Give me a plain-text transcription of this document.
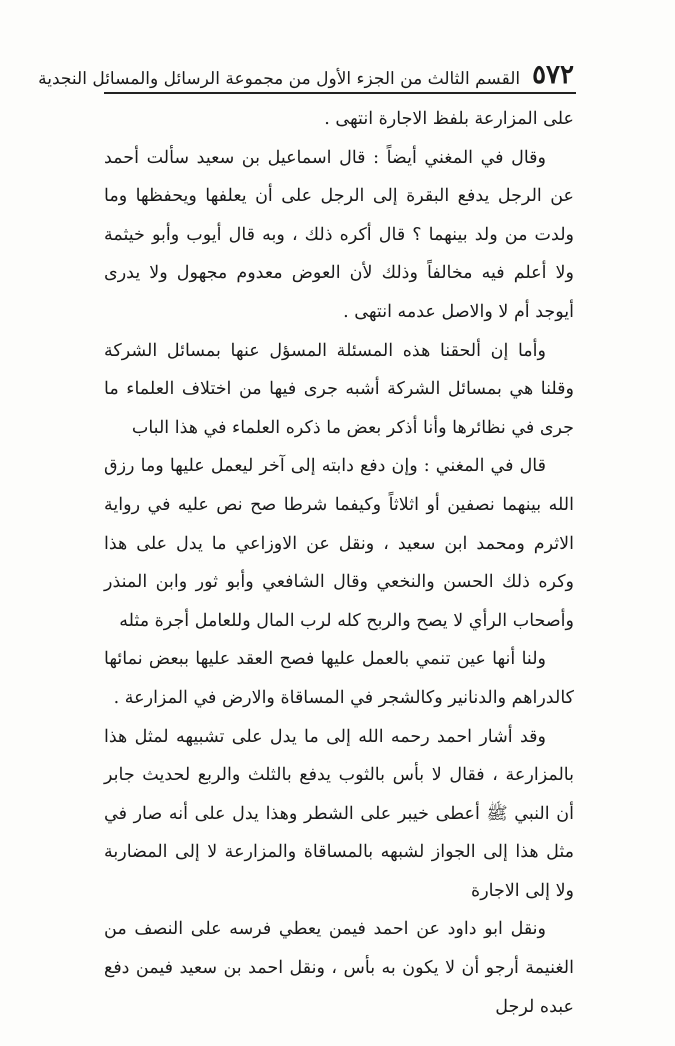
٥٧٢
القسم الثالث من الجزء الأول من مجموعة الرسائل والمسائل النجدية

على المزارعة بلفظ الاجارة انتهى .

وقال في المغني أيضاً : قال اسماعيل بن سعيد سألت أحمد عن الرجل يدفع البقرة إلى الرجل على أن يعلفها ويحفظها وما ولدت من ولد بينهما ؟ قال أكره ذلك ، وبه قال أيوب وأبو خيثمة ولا أعلم فيه مخالفاً وذلك لأن العوض معدوم مجهول ولا يدرى أيوجد أم لا والاصل عدمه انتهى .

وأما إن ألحقنا هذه المسئلة المسؤل عنها بمسائل الشركة وقلنا هي بمسائل الشركة أشبه جرى فيها من اختلاف العلماء ما جرى في نظائرها وأنا أذكر بعض ما ذكره العلماء في هذا الباب

قال في المغني : وإن دفع دابته إلى آخر ليعمل عليها وما رزق الله بينهما نصفين أو اثلاثاً وكيفما شرطا صح نص عليه في رواية الاثرم ومحمد ابن سعيد ، ونقل عن الاوزاعي ما يدل على هذا وكره ذلك الحسن والنخعي وقال الشافعي وأبو ثور وابن المنذر وأصحاب الرأي لا يصح والربح كله لرب المال وللعامل أجرة مثله

ولنا أنها عين تنمي بالعمل عليها فصح العقد عليها ببعض نمائها كالدراهم والدنانير وكالشجر في المساقاة والارض في المزارعة .

وقد أشار احمد رحمه الله إلى ما يدل على تشبيهه لمثل هذا بالمزارعة ، فقال لا بأس بالثوب يدفع بالثلث والربع لحديث جابر أن النبي ﷺ أعطى خيبر على الشطر وهذا يدل على أنه صار في مثل هذا إلى الجواز لشبهه بالمساقاة والمزارعة لا إلى المضاربة ولا إلى الاجارة

ونقل ابو داود عن احمد فيمن يعطي فرسه على النصف من الغنيمة أرجو أن لا يكون به بأس ، ونقل احمد بن سعيد فيمن دفع عبده لرجل
